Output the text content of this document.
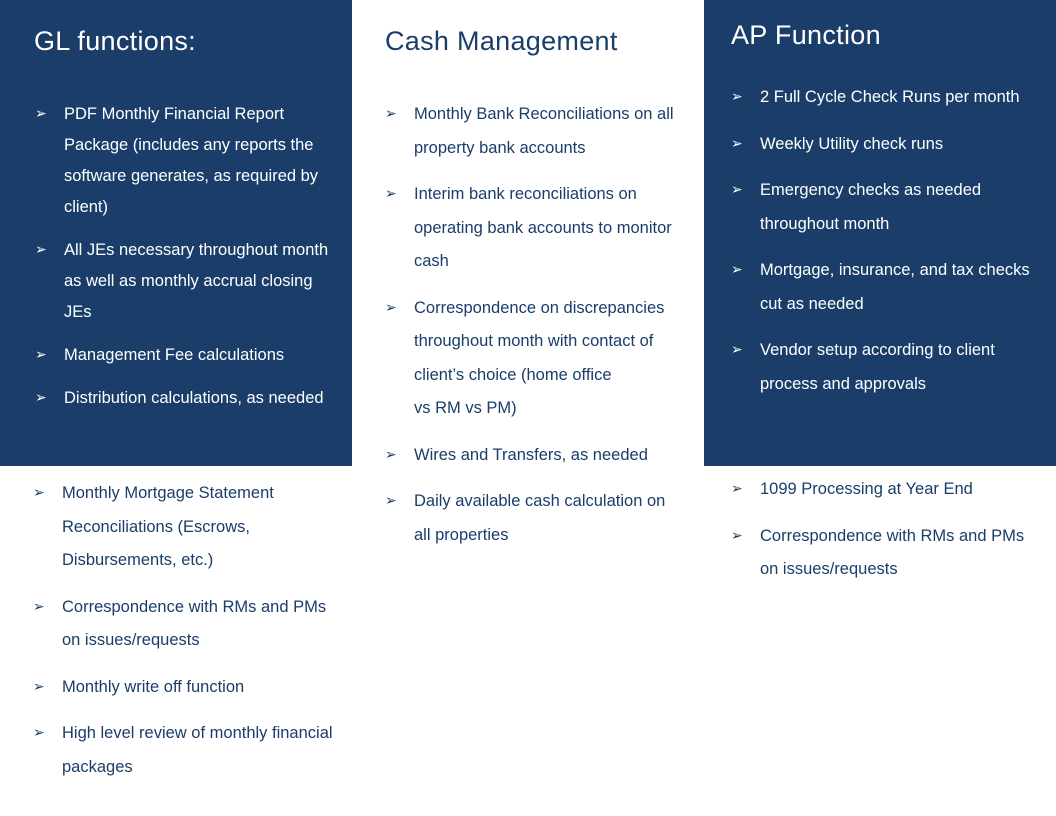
GL functions:
➢ PDF Monthly Financial Report Package (includes any reports the software generates, as required by client)
➢ All JEs necessary throughout month as well as monthly accrual closing JEs
➢ Management Fee calculations
➢ Distribution calculations, as needed
➢ Monthly Mortgage Statement Reconciliations (Escrows, Disbursements, etc.)
➢ Correspondence with RMs and PMs on issues/requests
➢ Monthly write off function
➢ High level review of monthly financial packages
Cash Management
➢ Monthly Bank Reconciliations on all property bank accounts
➢ Interim bank reconciliations on operating bank accounts to monitor cash
➢ Correspondence on discrepancies throughout month with contact of client’s choice (home office
vs RM vs PM)
➢ Wires and Transfers, as needed
➢ Daily available cash calculation on all properties
AP Function
➢ 2 Full Cycle Check Runs per month
➢ Weekly Utility check runs
➢ Emergency checks as needed throughout month
➢ Mortgage, insurance, and tax checks cut as needed
➢ Vendor setup according to client process and approvals
➢ 1099 Processing at Year End
➢ Correspondence with RMs and PMs on issues/requests
